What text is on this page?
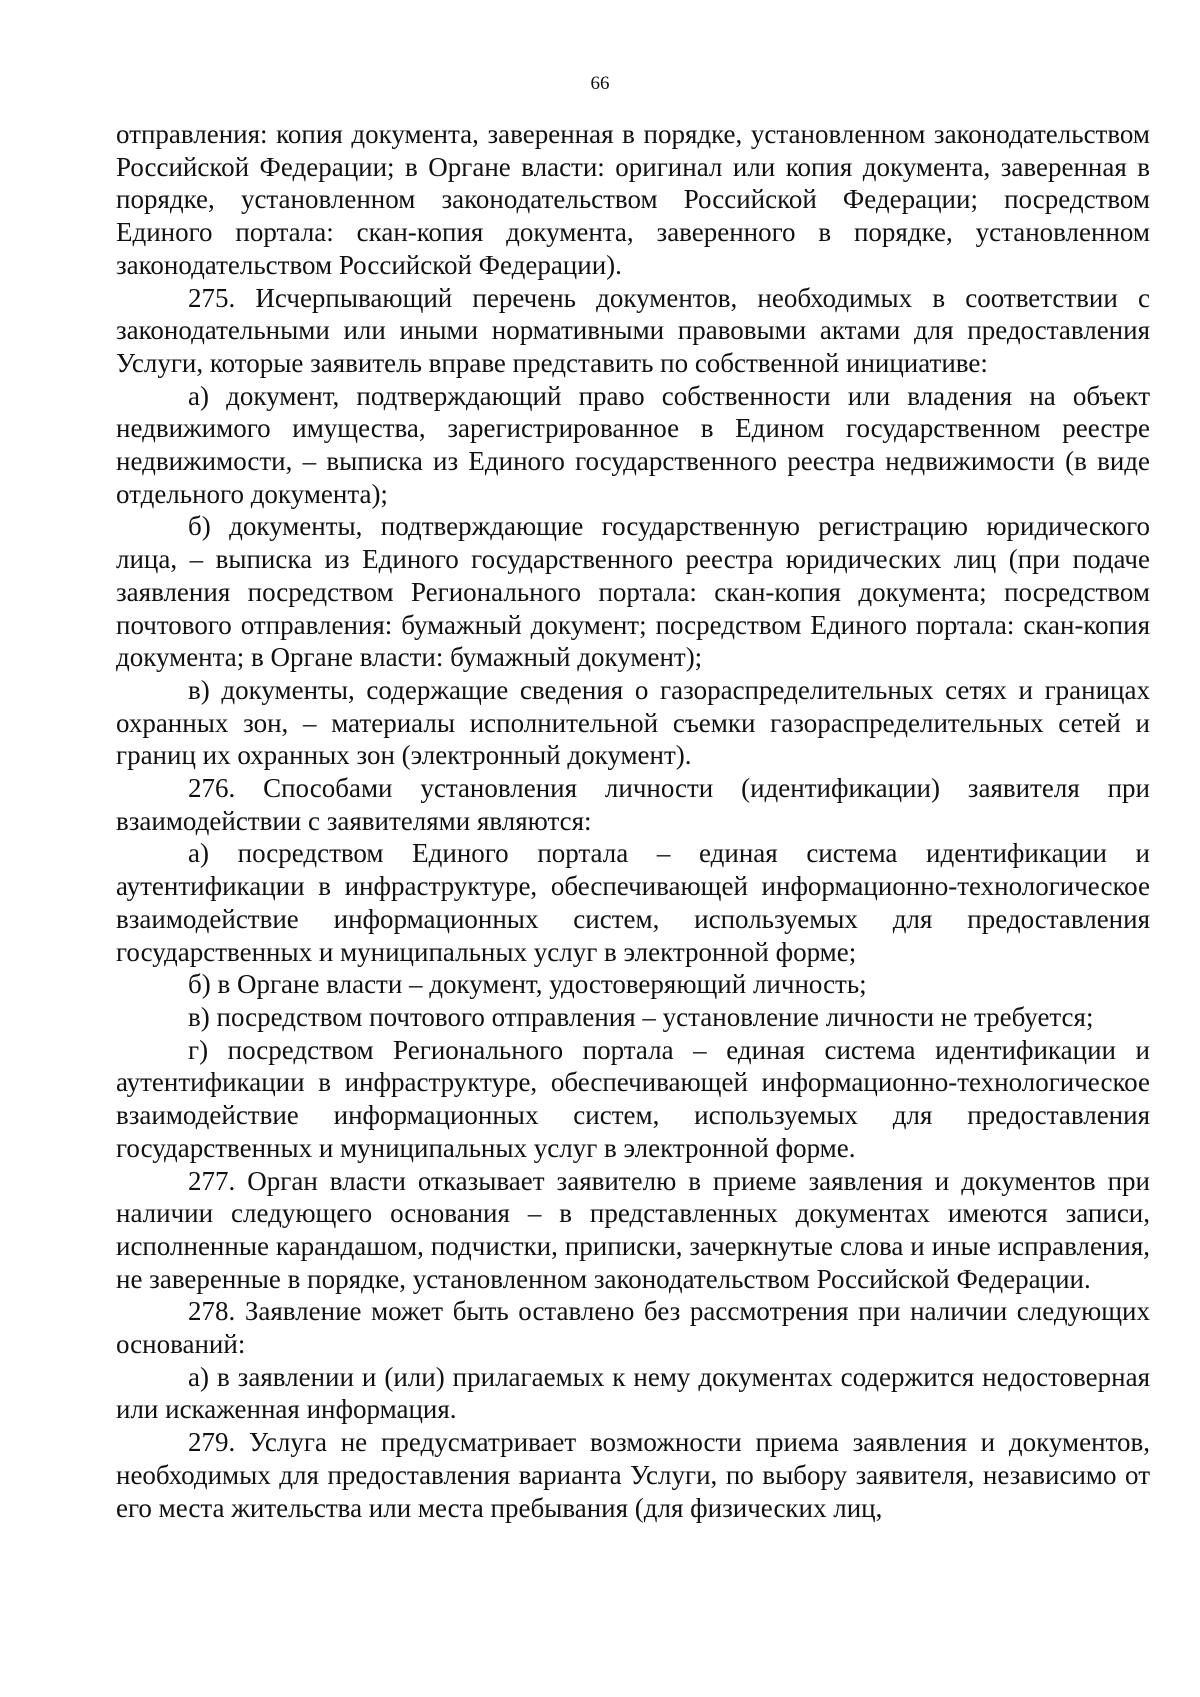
66

отправления: копия документа, заверенная в порядке, установленном законодательством Российской Федерации; в Органе власти: оригинал или копия документа, заверенная в порядке, установленном законодательством Российской Федерации; посредством Единого портала: скан-копия документа, заверенного в порядке, установленном законодательством Российской Федерации).

275. Исчерпывающий перечень документов, необходимых в соответствии с законодательными или иными нормативными правовыми актами для предоставления Услуги, которые заявитель вправе представить по собственной инициативе:

а) документ, подтверждающий право собственности или владения на объект недвижимого имущества, зарегистрированное в Едином государственном реестре недвижимости, – выписка из Единого государственного реестра недвижимости (в виде отдельного документа);

б) документы, подтверждающие государственную регистрацию юридического лица, – выписка из Единого государственного реестра юридических лиц (при подаче заявления посредством Регионального портала: скан-копия документа; посредством почтового отправления: бумажный документ; посредством Единого портала: скан-копия документа; в Органе власти: бумажный документ);

в) документы, содержащие сведения о газораспределительных сетях и границах охранных зон, – материалы исполнительной съемки газораспределительных сетей и границ их охранных зон (электронный документ).

276. Способами установления личности (идентификации) заявителя при взаимодействии с заявителями являются:

а) посредством Единого портала – единая система идентификации и аутентификации в инфраструктуре, обеспечивающей информационно-технологическое взаимодействие информационных систем, используемых для предоставления государственных и муниципальных услуг в электронной форме;

б) в Органе власти – документ, удостоверяющий личность;

в) посредством почтового отправления – установление личности не требуется;

г) посредством Регионального портала – единая система идентификации и аутентификации в инфраструктуре, обеспечивающей информационно-технологическое взаимодействие информационных систем, используемых для предоставления государственных и муниципальных услуг в электронной форме.

277. Орган власти отказывает заявителю в приеме заявления и документов при наличии следующего основания – в представленных документах имеются записи, исполненные карандашом, подчистки, приписки, зачеркнутые слова и иные исправления, не заверенные в порядке, установленном законодательством Российской Федерации.

278. Заявление может быть оставлено без рассмотрения при наличии следующих оснований:

а) в заявлении и (или) прилагаемых к нему документах содержится недостоверная или искаженная информация.

279. Услуга не предусматривает возможности приема заявления и документов, необходимых для предоставления варианта Услуги, по выбору заявителя, независимо от его места жительства или места пребывания (для физических лиц,
